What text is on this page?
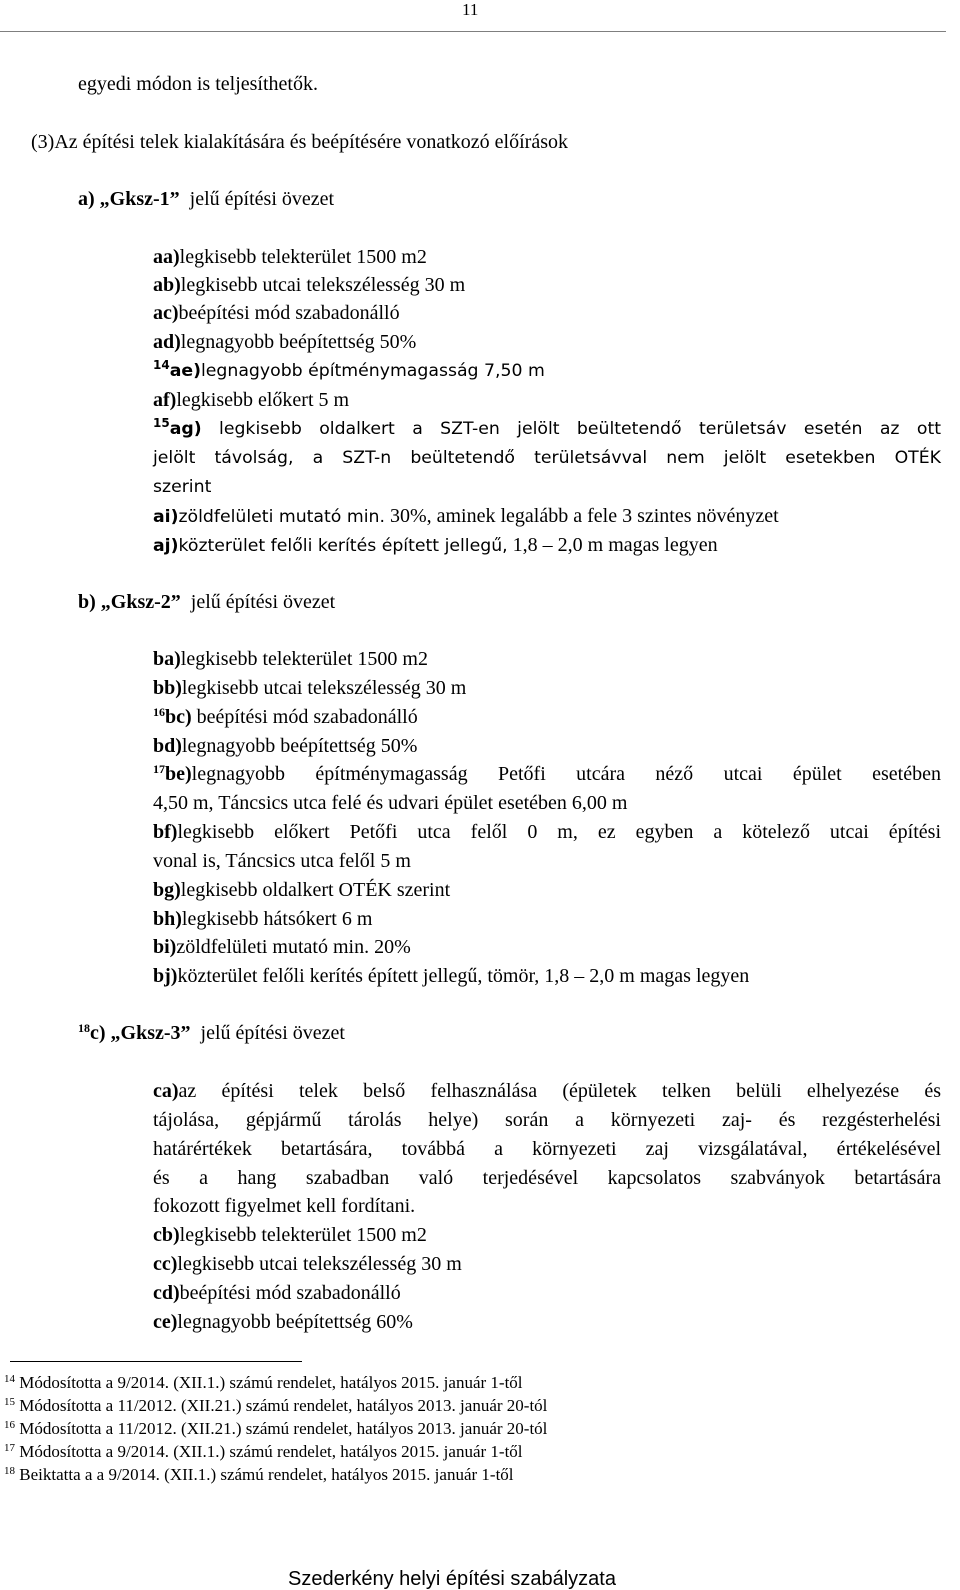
11
egyedi módon is teljesíthetők.
(3)Az építési telek kialakítására és beépítésére vonatkozó előírások
a) „Gksz-1” jelű építési övezet
aa)legkisebb telekterület 1500 m2
ab)legkisebb utcai telekszélesség 30 m
ac)beépítési mód szabadonálló
ad)legnagyobb beépítettség 50%
$^{14}$ae)legnagyobb építménymagasság 7,50 m
af)legkisebb előkert 5 m
$^{15}$ag) legkisebb oldalkert a SZT-en jelölt beültetendő területsáv esetén az ott
jelölt távolság, a SZT-n beültetendő területsávval nem jelölt esetekben OTÉK
szerint
ai)zöldfelületi mutató min. 30%, aminek legalább a fele 3 szintes növényzet
aj)közterület felőli kerítés épített jellegű, 1,8 – 2,0 m magas legyen
b) „Gksz-2” jelű építési övezet
ba)legkisebb telekterület 1500 m2
bb)legkisebb utcai telekszélesség 30 m
$^{16}$bc) beépítési mód szabadonálló
bd)legnagyobb beépítettség 50%
$^{17}$be)legnagyobb építménymagasság Petőfi utcára néző utcai épület esetében
4,50 m, Táncsics utca felé és udvari épület esetében 6,00 m
bf)legkisebb előkert Petőfi utca felől 0 m, ez egyben a kötelező utcai építési
vonal is, Táncsics utca felől 5 m
bg)legkisebb oldalkert OTÉK szerint
bh)legkisebb hátsókert 6 m
bi)zöldfelületi mutató min. 20%
bj)közterület felőli kerítés épített jellegű, tömör, 1,8 – 2,0 m magas legyen
$^{18}$c) „Gksz-3” jelű építési övezet
ca)az építési telek belső felhasználása (épületek telken belüli elhelyezése és
tájolása, gépjármű tárolás helye) során a környezeti zaj- és rezgésterhelési
határértékek betartására, továbbá a környezeti zaj vizsgálatával, értékelésével
és a hang szabadban való terjedésével kapcsolatos szabványok betartására
fokozott figyelmet kell fordítani.
cb)legkisebb telekterület 1500 m2
cc)legkisebb utcai telekszélesség 30 m
cd)beépítési mód szabadonálló
ce)legnagyobb beépítettség 60%
$^{14}$ Módosította a 9/2014. (XII.1.) számú rendelet, hatályos 2015. január 1-től
$^{15}$ Módosította a 11/2012. (XII.21.) számú rendelet, hatályos 2013. január 20-tól
$^{16}$ Módosította a 11/2012. (XII.21.) számú rendelet, hatályos 2013. január 20-tól
$^{17}$ Módosította a 9/2014. (XII.1.) számú rendelet, hatályos 2015. január 1-től
$^{18}$ Beiktatta a a 9/2014. (XII.1.) számú rendelet, hatályos 2015. január 1-től
Szederkény helyi építési szabályzata
